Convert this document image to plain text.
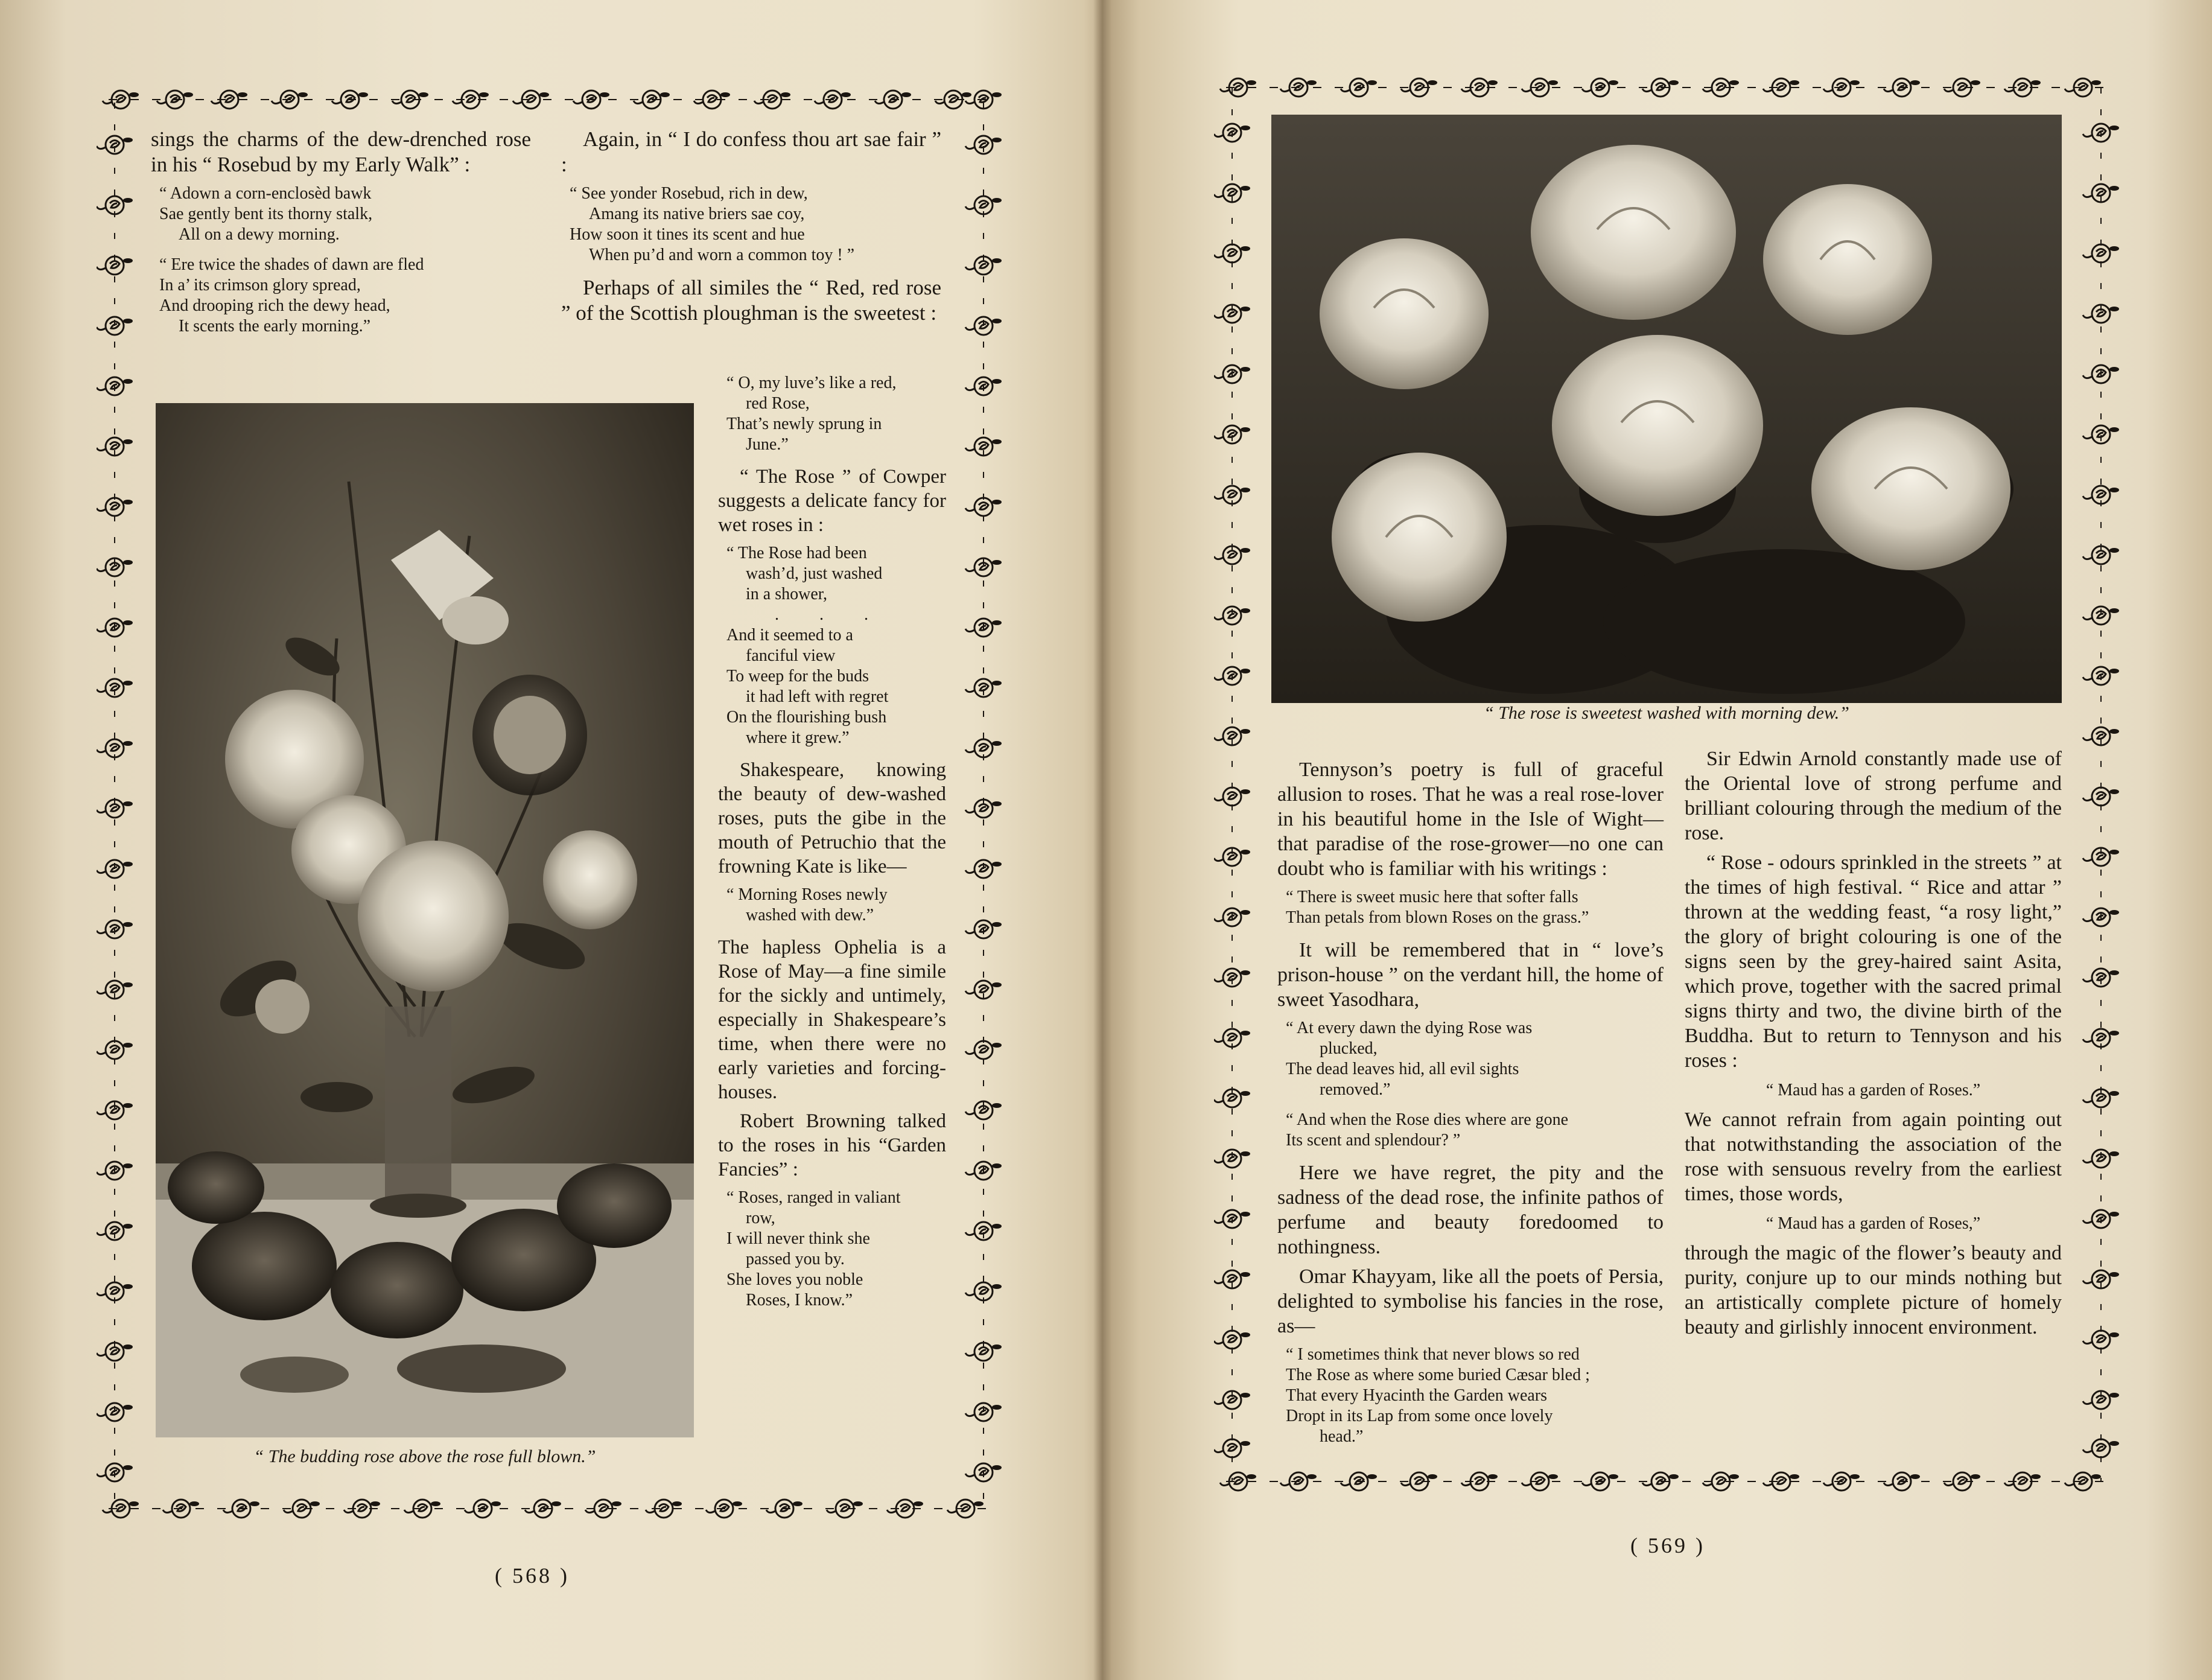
sings the charms of the dew-drenched rose in his “ Rosebud by my Early Walk” :

“ Adown a corn-enclosèd bawk
Sae gently bent its thorny stalk,
All on a dewy morning.
“ Ere twice the shades of dawn are fled
In a’ its crimson glory spread,
And drooping rich the dewy head,
It scents the early morning.”
“ The budding rose above the rose full blown.”

Again, in “ I do confess thou art sae fair ” :

“ See yonder Rosebud, rich in dew,
Amang its native briers sae coy,
How soon it tines its scent and hue
When pu’d and worn a common toy ! ”

Perhaps of all similes the “ Red, red rose ” of the Scottish ploughman is the sweetest :

“ O, my luve’s like a red,
red Rose,
That’s newly sprung in
June.”

“ The Rose ” of Cowper suggests a delicate fancy for wet roses in :

“ The Rose had been
wash’d, just washed
in a shower,
. . .
And it seemed to a
fanciful view
To weep for the buds
it had left with regret
On the flourishing bush
where it grew.”

Shakespeare, knowing the beauty of dew-washed roses, puts the gibe in the mouth of Petruchio that the frowning Kate is like—

“ Morning Roses newly
washed with dew.”

The hapless Ophelia is a Rose of May—a fine simile for the sickly and untimely, especially in Shakespeare’s time, when there were no early varieties and forcing-houses.

Robert Browning talked to the roses in his “Garden Fancies” :

“ Roses, ranged in valiant
row,
I will never think she
passed you by.
She loves you noble
Roses, I know.”
( 568 )
“ The rose is sweetest washed with morning dew.”

Tennyson’s poetry is full of graceful allusion to roses. That he was a real rose-lover in his beautiful home in the Isle of Wight—that paradise of the rose-grower—no one can doubt who is familiar with his writings :

“ There is sweet music here that softer falls
Than petals from blown Roses on the grass.”

It will be remembered that in “ love’s prison-house ” on the verdant hill, the home of sweet Yasodhara,

“ At every dawn the dying Rose was
plucked,
The dead leaves hid, all evil sights
removed.”
“ And when the Rose dies where are gone
Its scent and splendour? ”

Here we have regret, the pity and the sadness of the dead rose, the infinite pathos of perfume and beauty foredoomed to nothingness.

Omar Khayyam, like all the poets of Persia, delighted to symbolise his fancies in the rose, as—

“ I sometimes think that never blows so red
The Rose as where some buried Cæsar bled ;
That every Hyacinth the Garden wears
Dropt in its Lap from some once lovely
head.”

Sir Edwin Arnold constantly made use of the Oriental love of strong perfume and brilliant colouring through the medium of the rose.

“ Rose - odours sprinkled in the streets ” at the times of high festival. “ Rice and attar ” thrown at the wedding feast, “a rosy light,” the glory of bright colouring is one of the signs seen by the grey-haired saint Asita, which prove, together with the sacred primal signs thirty and two, the divine birth of the Buddha. But to return to Tennyson and his roses :

“ Maud has a garden of Roses.”

We cannot refrain from again pointing out that notwithstanding the association of the rose with sensuous revelry from the earliest times, those words,

“ Maud has a garden of Roses,”

through the magic of the flower’s beauty and purity, conjure up to our minds nothing but an artistically complete picture of homely beauty and girlishly innocent environment.

( 569 )
